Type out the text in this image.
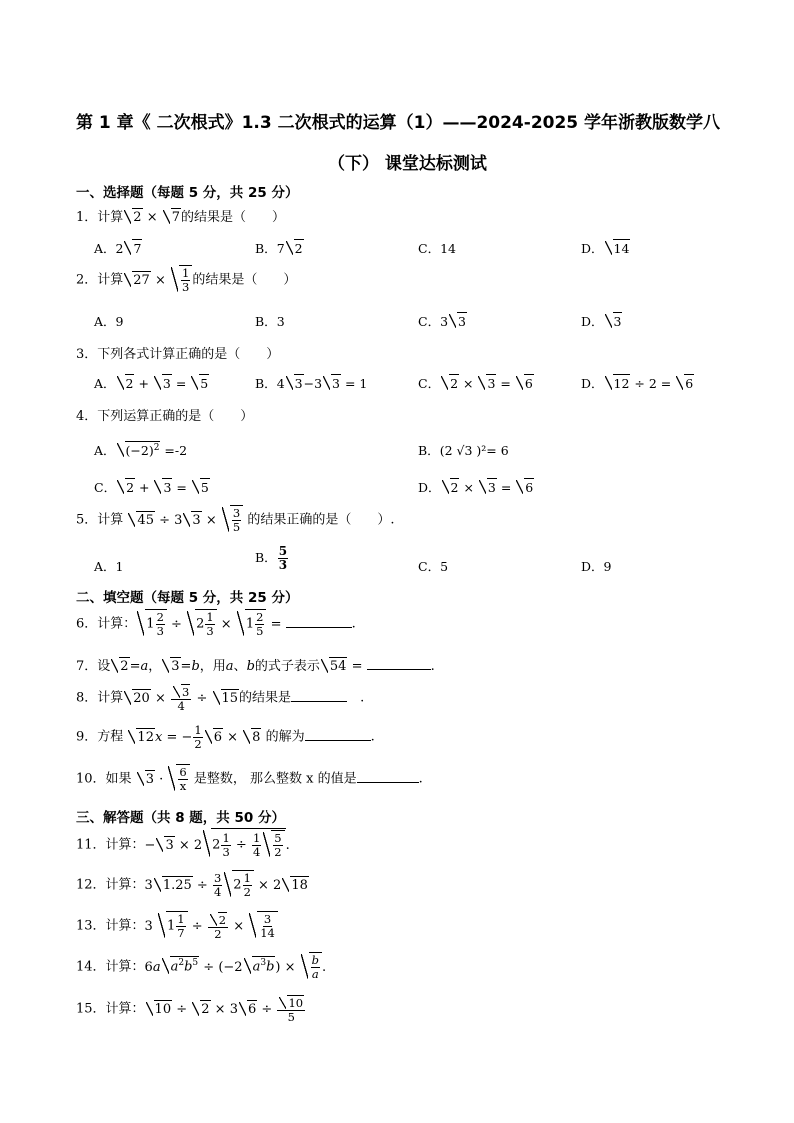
第 1 章《 二次根式》1.3 二次根式的运算（1）——2024-2025 学年浙教版数学八
（下） 课堂达标测试
一、选择题（每题 5 分，共 25 分）
1．计算 2 × 7的结果是（　　）
A．2 7	B．7 2	C．14	D． 14
2．计算 $27 \times \frac{1}{3}$ 的结果是（　　）
A．9	B．3	C．3 3	D． 3
3．下列各式计算正确的是（　　）
A． 2 + 3 = 5	B．4 3−3 3 = 1	C． 2 × 3 = 6	D． 12 ÷ 2 = 6
4．下列运算正确的是（　　）
A． $(-2)^2 =-2$	B．(2 √3 )²= 6
C． 2 + 3 = 5	D． 2 × 3 = 6
5．计算 45 ÷ 3 $3 \times \frac{3}{5}$ 的结果正确的是（　　）.
A．1
B． $\frac{5}{3}$	C．5	D．9
二、填空题（每题 5 分，共 25 分）
6．计算： $1 \frac{2}{3} \div 2 \frac{1}{3} \times 1 \frac{2}{5}$ =	.
7．设 2=a， 3=b，用a、b的式子表示 54 =	.
8．计算 $20 \times \frac{3}{4} \div 15$的结果是	　.
9．方程 12x = − $\frac{1}{2} 6 \times 8$ 的解为	.
10．如果 $3 \cdot \frac{6}{x}$ 是整数， 那么整数 x 的值是	.
三、解答题（共 8 题，共 50 分）
11．计算：− 3 × 2 $2 \frac{1}{3} \div \frac{1}{4} \frac{5}{2}$ .
12．计算：3 $1.25 \div \frac{3}{4} 2 \frac{1}{2} \times 2$ 18
13．计算：3 $1 \frac{1}{7} \div \frac{2}{2} \times \frac{3}{14}$
14．计算：6a $a^2b^5 \div (-2$ $a^3b) \times \frac{b}{a}$ .
15．计算： 10 ÷ 2 × 3 $6 \div \frac{10}{5}$
